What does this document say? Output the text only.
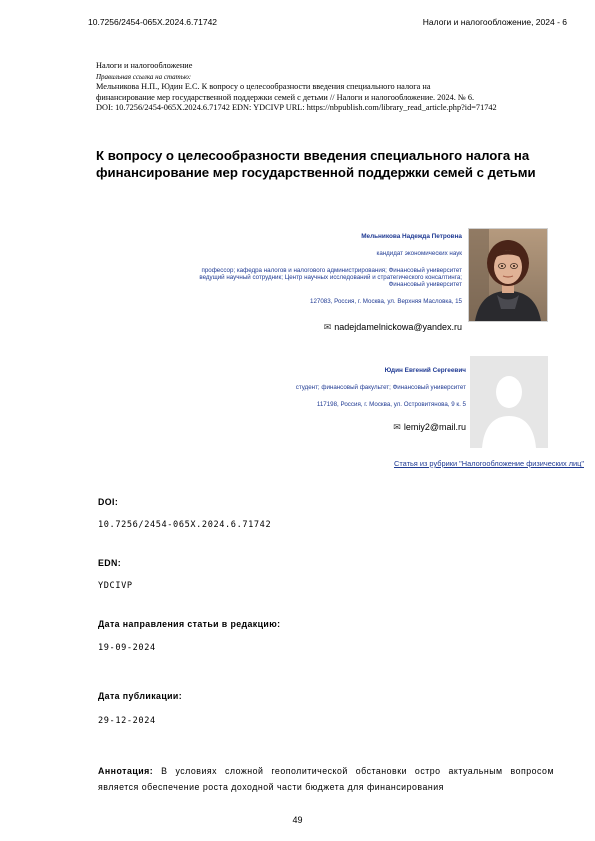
10.7256/2454-065X.2024.6.71742	Налоги и налогообложение, 2024 - 6
Налоги и налогообложение
Правильная ссылка на статью:
Мельникова Н.П., Юдин Е.С. К вопросу о целесообразности введения специального налога на
финансирование мер государственной поддержки семей с детьми // Налоги и налогообложение. 2024. № 6.
DOI: 10.7256/2454-065X.2024.6.71742 EDN: YDCIVP URL: https://nbpublish.com/library_read_article.php?id=71742
К вопросу о целесообразности введения специального налога на финансирование мер государственной поддержки семей с детьми
Мельникова Надежда Петровна
кандидат экономических наук
профессор; кафедра налогов и налогового администрирования; Финансовый университет
ведущий научный сотрудник; Центр научных исследований и стратегического консалтинга;
Финансовый университет
127083, Россия, г. Москва, ул. Верхняя Масловка, 15
✉ nadejdamelnickowa@yandex.ru
Юдин Евгений Сергеевич
студент; финансовый факультет; Финансовый университет
117198, Россия, г. Москва, ул. Островитянова, 9 к. 5
✉ lemiy2@mail.ru
Статья из рубрики "Налогообложение физических лиц"
DOI:
10.7256/2454-065X.2024.6.71742
EDN:
YDCIVP
Дата направления статьи в редакцию:
19-09-2024
Дата публикации:
29-12-2024
Аннотация: В условиях сложной геополитической обстановки остро актуальным вопросом является обеспечение роста доходной части бюджета для финансирования
49
